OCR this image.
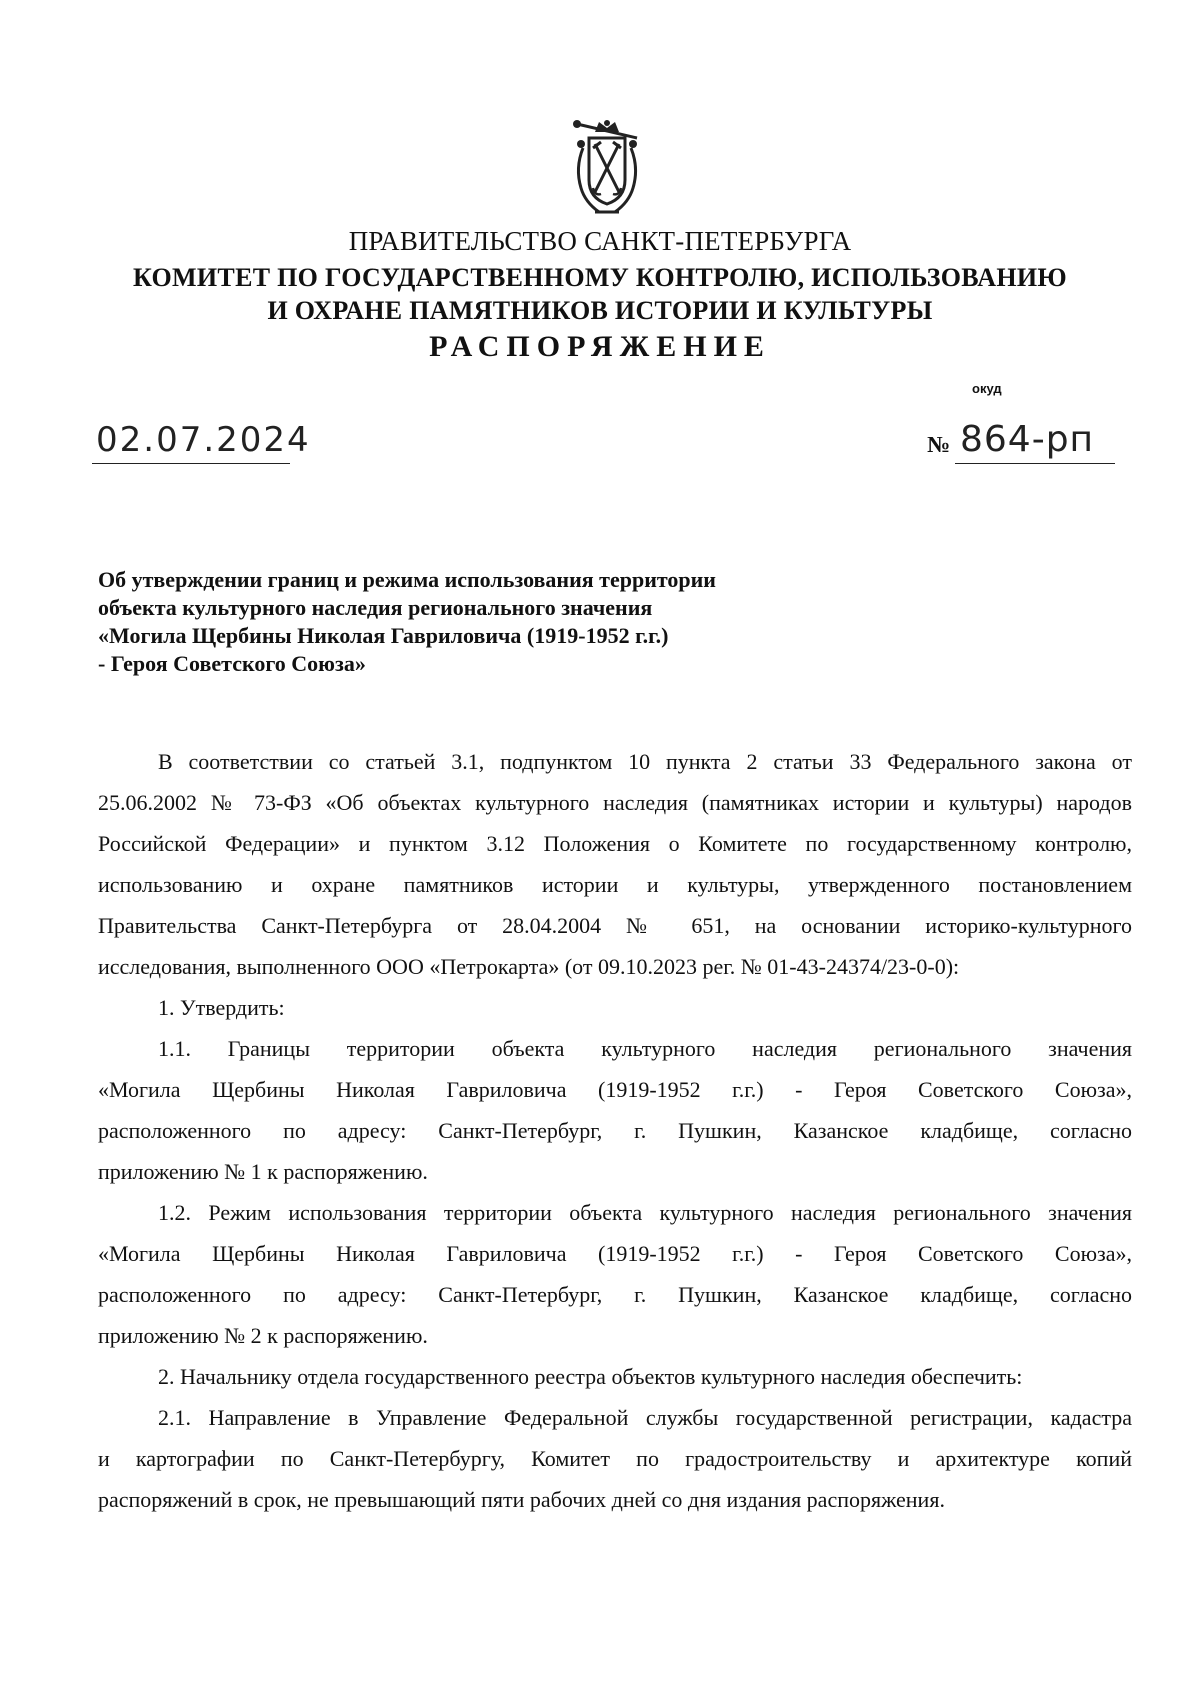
ПРАВИТЕЛЬСТВО САНКТ-ПЕТЕРБУРГА
КОМИТЕТ ПО ГОСУДАРСТВЕННОМУ КОНТРОЛЮ, ИСПОЛЬЗОВАНИЮ
И ОХРАНЕ ПАМЯТНИКОВ ИСТОРИИ И КУЛЬТУРЫ
РАСПОРЯЖЕНИЕ
окуд
02.07.2024	№ 864-рп
Об утверждении границ и режима использования территории
объекта культурного наследия регионального значения
«Могила Щербины Николая Гавриловича (1919-1952 г.г.)
- Героя Советского Союза»
В соответствии со статьей 3.1, подпунктом 10 пункта 2 статьи 33 Федерального закона от
25.06.2002 № 73-ФЗ «Об объектах культурного наследия (памятниках истории и культуры) народов
Российской Федерации» и пунктом 3.12 Положения о Комитете по государственному контролю,
использованию и охране памятников истории и культуры, утвержденного постановлением
Правительства Санкт-Петербурга от 28.04.2004 № 651, на основании историко-культурного
исследования, выполненного ООО «Петрокарта» (от 09.10.2023 рег. № 01-43-24374/23-0-0):
1. Утвердить:
1.1. Границы территории объекта культурного наследия регионального значения
«Могила Щербины Николая Гавриловича (1919-1952 г.г.) - Героя Советского Союза»,
расположенного по адресу: Санкт-Петербург, г. Пушкин, Казанское кладбище, согласно
приложению № 1 к распоряжению.
1.2. Режим использования территории объекта культурного наследия регионального значения
«Могила Щербины Николая Гавриловича (1919-1952 г.г.) - Героя Советского Союза»,
расположенного по адресу: Санкт-Петербург, г. Пушкин, Казанское кладбище, согласно
приложению № 2 к распоряжению.
2. Начальнику отдела государственного реестра объектов культурного наследия обеспечить:
2.1. Направление в Управление Федеральной службы государственной регистрации, кадастра
и картографии по Санкт-Петербургу, Комитет по градостроительству и архитектуре копий
распоряжений в срок, не превышающий пяти рабочих дней со дня издания распоряжения.
